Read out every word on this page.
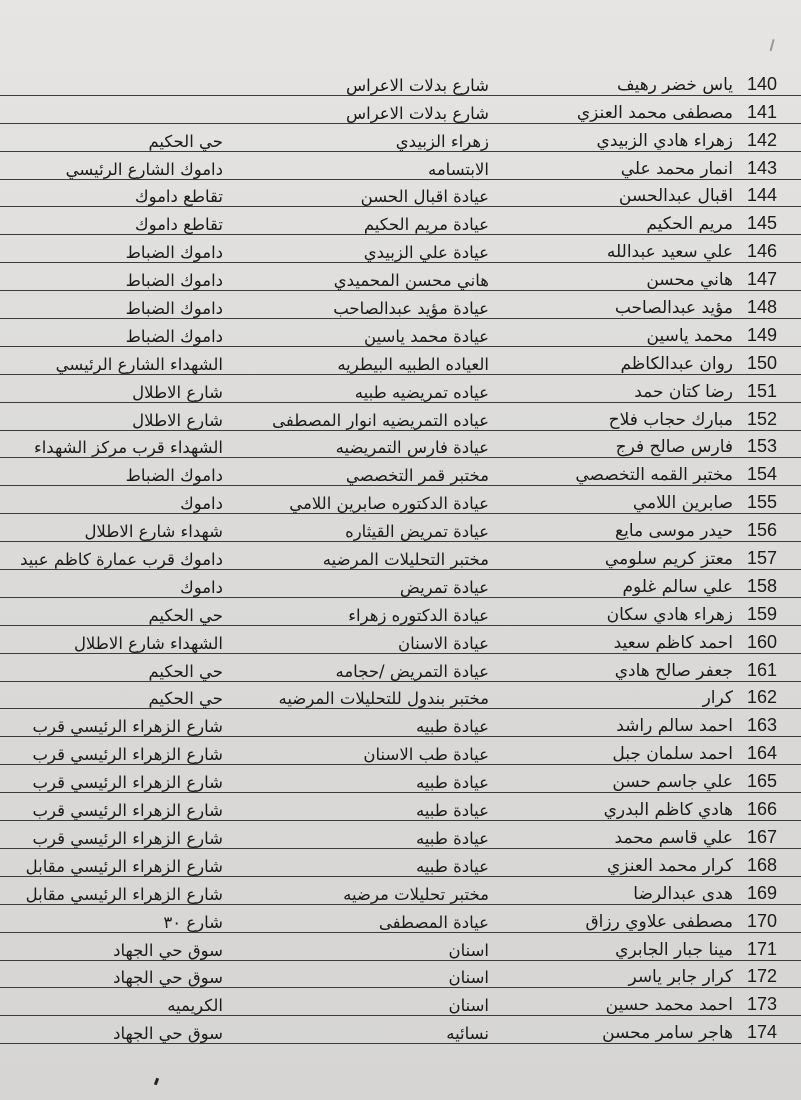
	شارع بدلات الاعراس	ياس خضر رهيف	140
	شارع بدلات الاعراس	مصطفى محمد العنزي	141
حي الحكيم	زهراء الزبيدي	زهراء هادي الزبيدي	142
داموك الشارع الرئيسي	الابتسامه	انمار محمد علي	143
تقاطع داموك	عيادة اقبال الحسن	اقبال عبدالحسن	144
تقاطع داموك	عيادة مريم الحكيم	مريم الحكيم	145
داموك الضباط	عيادة علي الزبيدي	علي سعيد عبدالله	146
داموك الضباط	هاني محسن المحميدي	هاني محسن	147
داموك الضباط	عيادة مؤيد عبدالصاحب	مؤيد عبدالصاحب	148
داموك الضباط	عيادة محمد ياسين	محمد ياسين	149
الشهداء الشارع الرئيسي	العياده الطبيه البيطريه	روان عبدالكاظم	150
شارع الاطلال	عياده تمريضيه طبيه	رضا كتان حمد	151
شارع الاطلال	عياده التمريضيه انوار المصطفى	مبارك حجاب فلاح	152
الشهداء قرب مركز الشهداء	عيادة فارس التمريضيه	فارس صالح فرج	153
داموك الضباط	مختبر قمر التخصصي	مختبر القمه التخصصي	154
داموك	عيادة الدكتوره صابرين اللامي	صابرين اللامي	155
شهداء شارع الاطلال	عيادة تمريض القيثاره	حيدر موسى مايع	156
داموك قرب عمارة كاظم عبيد	مختبر التحليلات المرضيه	معتز كريم سلومي	157
داموك	عيادة تمريض	علي سالم غلوم	158
حي الحكيم	عيادة الدكتوره زهراء	زهراء هادي سكان	159
الشهداء شارع الاطلال	عيادة الاسنان	احمد كاظم سعيد	160
حي الحكيم	عيادة التمريض /حجامه	جعفر صالح هادي	161
حي الحكيم	مختبر بندول للتحليلات المرضيه	كرار	162
شارع الزهراء الرئيسي قرب	عيادة طبيه	احمد سالم راشد	163
شارع الزهراء الرئيسي قرب	عيادة طب الاسنان	احمد سلمان جبل	164
شارع الزهراء الرئيسي قرب	عيادة طبيه	علي جاسم حسن	165
شارع الزهراء الرئيسي قرب	عيادة طبيه	هادي كاظم البدري	166
شارع الزهراء الرئيسي قرب	عيادة طبيه	علي قاسم محمد	167
شارع الزهراء الرئيسي مقابل	عيادة طبيه	كرار محمد العنزي	168
شارع الزهراء الرئيسي مقابل	مختبر تحليلات مرضيه	هدى عبدالرضا	169
شارع ٣٠	عيادة المصطفى	مصطفى علاوي رزاق	170
سوق حي الجهاد	اسنان	مينا جبار الجابري	171
سوق حي الجهاد	اسنان	كرار جابر ياسر	172
الكريميه	اسنان	احمد محمد حسين	173
سوق حي الجهاد	نسائيه	هاجر سامر محسن	174
